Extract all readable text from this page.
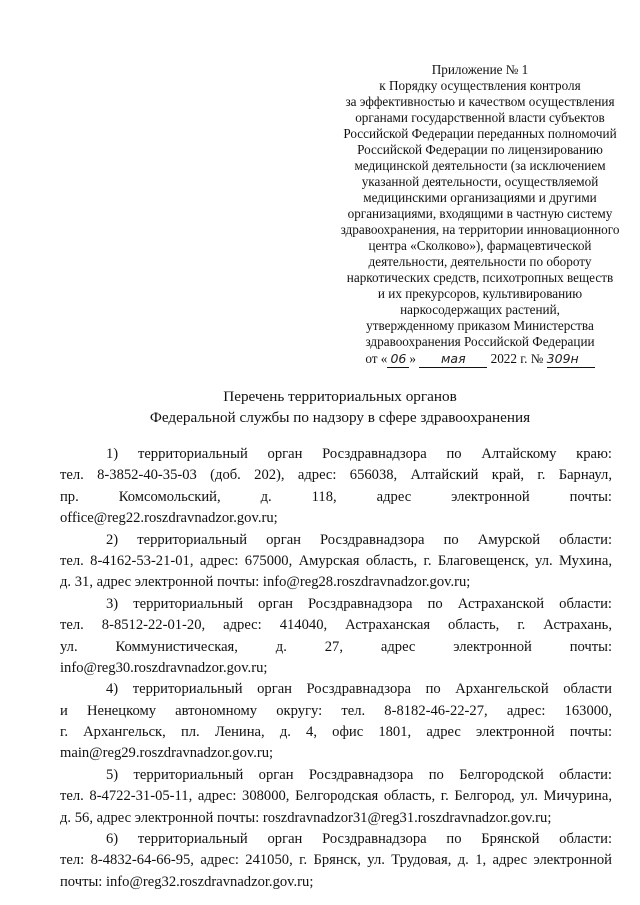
Приложение № 1
к Порядку осуществления контроля
за эффективностью и качеством осуществления
органами государственной власти субъектов
Российской Федерации переданных полномочий
Российской Федерации по лицензированию
медицинской деятельности (за исключением
указанной деятельности, осуществляемой
медицинскими организациями и другими
организациями, входящими в частную систему
здравоохранения, на территории инновационного
центра «Сколково»), фармацевтической
деятельности, деятельности по обороту
наркотических средств, психотропных веществ
и их прекурсоров, культивированию
наркосодержащих растений,
утвержденному приказом Министерства
здравоохранения Российской Федерации
от « 06 » мая 2022 г. № 309н
Перечень территориальных органов
Федеральной службы по надзору в сфере здравоохранения
1) территориальный орган Росздравнадзора по Алтайскому краю:
тел. 8-3852-40-35-03 (доб. 202), адрес: 656038, Алтайский край, г. Барнаул,
пр. Комсомольский, д. 118, адрес электронной почты:
office@reg22.roszdravnadzor.gov.ru;
2) территориальный орган Росздравнадзора по Амурской области:
тел. 8-4162-53-21-01, адрес: 675000, Амурская область, г. Благовещенск, ул. Мухина,
д. 31, адрес электронной почты: info@reg28.roszdravnadzor.gov.ru;
3) территориальный орган Росздравнадзора по Астраханской области:
тел. 8-8512-22-01-20, адрес: 414040, Астраханская область, г. Астрахань,
ул. Коммунистическая, д. 27, адрес электронной почты:
info@reg30.roszdravnadzor.gov.ru;
4) территориальный орган Росздравнадзора по Архангельской области
и Ненецкому автономному округу: тел. 8-8182-46-22-27, адрес: 163000,
г. Архангельск, пл. Ленина, д. 4, офис 1801, адрес электронной почты:
main@reg29.roszdravnadzor.gov.ru;
5) территориальный орган Росздравнадзора по Белгородской области:
тел. 8-4722-31-05-11, адрес: 308000, Белгородская область, г. Белгород, ул. Мичурина,
д. 56, адрес электронной почты: roszdravnadzor31@reg31.roszdravnadzor.gov.ru;
6) территориальный орган Росздравнадзора по Брянской области:
тел: 8-4832-64-66-95, адрес: 241050, г. Брянск, ул. Трудовая, д. 1, адрес электронной
почты: info@reg32.roszdravnadzor.gov.ru;
